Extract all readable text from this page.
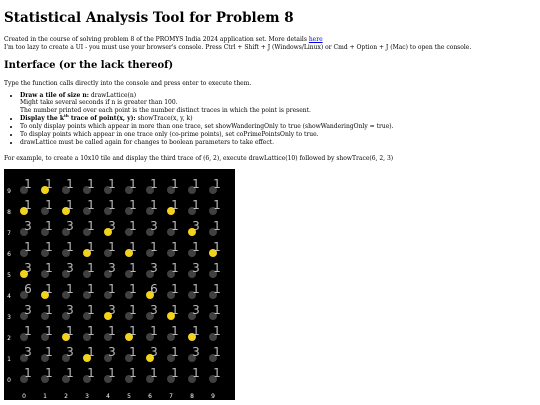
Statistical Analysis Tool for Problem 8

Created in the course of solving problem 8 of the PROMYS India 2024 application set. More details here
I'm too lazy to create a UI - you must use your browser's console. Press Ctrl + Shift + J (Windows/Linux) or Cmd + Option + J (Mac) to open the console.

Interface (or the lack thereof)

Type the function calls directly into the console and press enter to execute them.

• Draw a tile of size n: drawLattice(n)
Might take several seconds if n is greater than 100.
The number printed over each point is the number distinct traces in which the point is present.
• Display the $k^{th}$ trace of point(x, y): showTrace(x, y, k)
• To only display points which appear in more than one trace, set showWanderingOnly to true (showWanderingOnly = true).
• To display points which appear in one trace only (co-prime points), set coPrimePointsOnly to true.
• drawLattice must be called again for changes to boolean parameters to take effect.

For example, to create a 10x10 tile and display the third trace of (6, 2), execute drawLattice(10) followed by showTrace(6, 2, 3)

1 1 1 1 1 1 1 1 1 1
3 1 3 1 3 1 3 1 3 1
1 1 1 1 1 1 1 1 1 1
3 1 3 1 3 1 3 1 3 1
6 1 1 1 1 1 6 1 1 1
3 1 3 1 3 1 3 1 3 1
1 1 1 1 1 1 1 1 1 1
3 1 3 1 3 1 3 1 3 1
1 1 1 1 1 1 1 1 1 1
1 1 1 1 1 1 1 1 1 1
0
1
2
3
4
5
6
7
8
9
0	1	2	3	4	5	6	7	8	9
